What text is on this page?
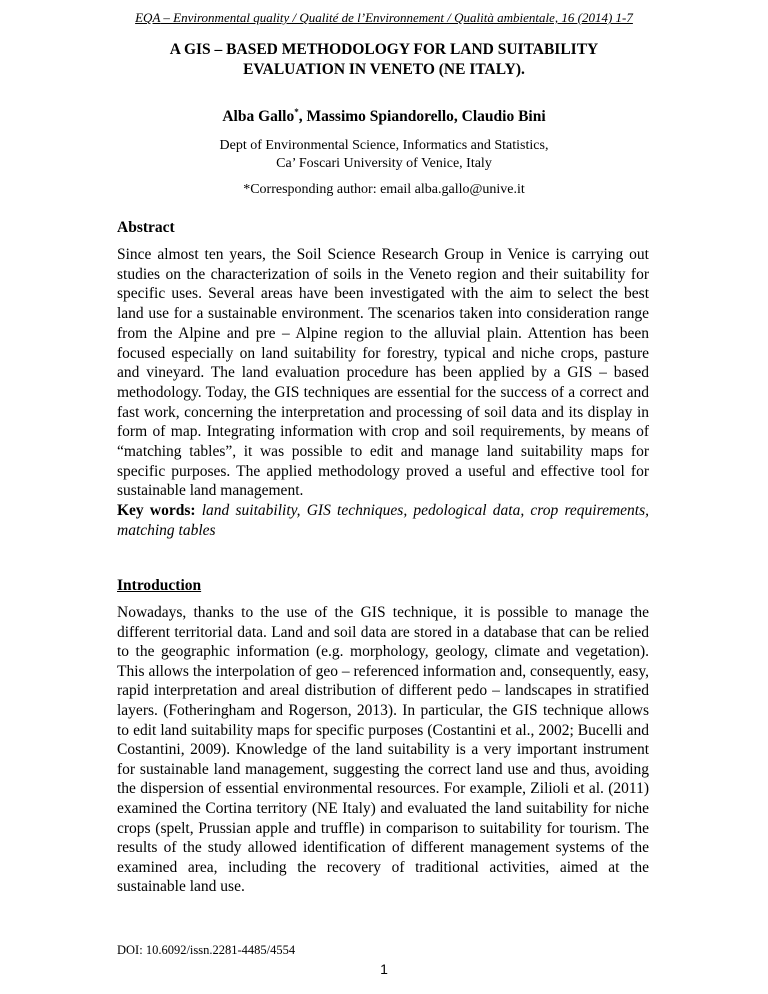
EQA – Environmental quality / Qualité de l’Environnement / Qualità ambientale, 16 (2014) 1-7
A GIS – BASED METHODOLOGY FOR LAND SUITABILITY
EVALUATION IN VENETO (NE ITALY).
Alba Gallo*, Massimo Spiandorello, Claudio Bini
Dept of Environmental Science, Informatics and Statistics,
Ca’ Foscari University of Venice, Italy
*Corresponding author: email alba.gallo@unive.it
Abstract
Since almost ten years, the Soil Science Research Group in Venice is carrying out studies on the characterization of soils in the Veneto region and their suitability for specific uses. Several areas have been investigated with the aim to select the best land use for a sustainable environment. The scenarios taken into consideration range from the Alpine and pre – Alpine region to the alluvial plain. Attention has been focused especially on land suitability for forestry, typical and niche crops, pasture and vineyard. The land evaluation procedure has been applied by a GIS – based methodology. Today, the GIS techniques are essential for the success of a correct and fast work, concerning the interpretation and processing of soil data and its display in form of map. Integrating information with crop and soil requirements, by means of “matching tables”, it was possible to edit and manage land suitability maps for specific purposes. The applied methodology proved a useful and effective tool for sustainable land management.
Key words: land suitability, GIS techniques, pedological data, crop requirements, matching tables
Introduction
Nowadays, thanks to the use of the GIS technique, it is possible to manage the different territorial data. Land and soil data are stored in a database that can be relied to the geographic information (e.g. morphology, geology, climate and vegetation). This allows the interpolation of geo – referenced information and, consequently, easy, rapid interpretation and areal distribution of different pedo – landscapes in stratified layers. (Fotheringham and Rogerson, 2013). In particular, the GIS technique allows to edit land suitability maps for specific purposes (Costantini et al., 2002; Bucelli and Costantini, 2009). Knowledge of the land suitability is a very important instrument for sustainable land management, suggesting the correct land use and thus, avoiding the dispersion of essential environmental resources. For example, Zilioli et al. (2011) examined the Cortina territory (NE Italy) and evaluated the land suitability for niche crops (spelt, Prussian apple and truffle) in comparison to suitability for tourism. The results of the study allowed identification of different management systems of the examined area, including the recovery of traditional activities, aimed at the sustainable land use.
DOI: 10.6092/issn.2281-4485/4554
1
